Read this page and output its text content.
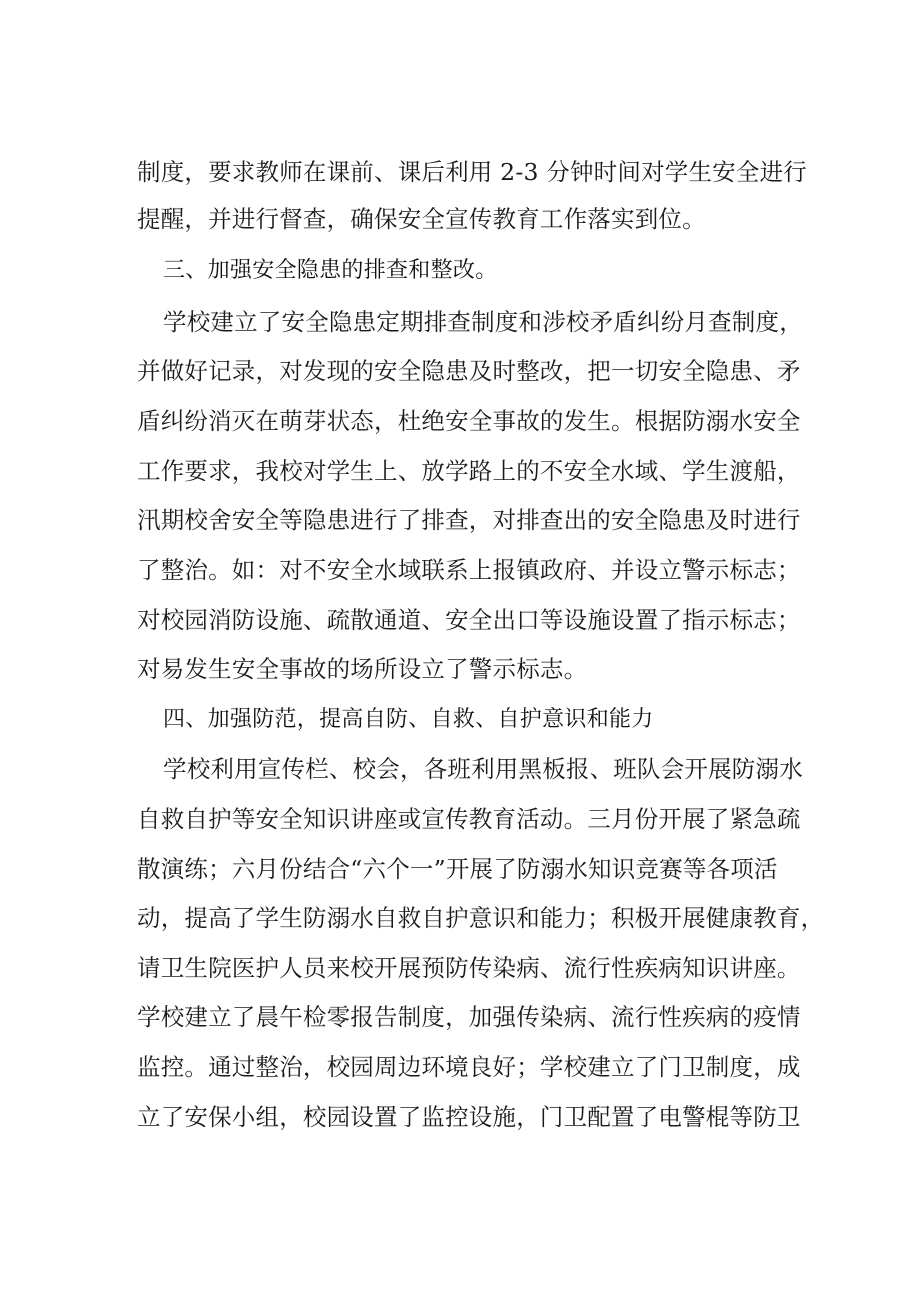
制度，要求教师在课前、课后利用 2-3 分钟时间对学生安全进行
提醒，并进行督查，确保安全宣传教育工作落实到位。
三、加强安全隐患的排查和整改。
学校建立了安全隐患定期排查制度和涉校矛盾纠纷月查制度，
并做好记录，对发现的安全隐患及时整改，把一切安全隐患、矛
盾纠纷消灭在萌芽状态，杜绝安全事故的发生。根据防溺水安全
工作要求，我校对学生上、放学路上的不安全水域、学生渡船，
汛期校舍安全等隐患进行了排查，对排查出的安全隐患及时进行
了整治。如：对不安全水域联系上报镇政府、并设立警示标志；
对校园消防设施、疏散通道、安全出口等设施设置了指示标志；
对易发生安全事故的场所设立了警示标志。
四、加强防范，提高自防、自救、自护意识和能力
学校利用宣传栏、校会，各班利用黑板报、班队会开展防溺水
自救自护等安全知识讲座或宣传教育活动。三月份开展了紧急疏
散演练；六月份结合“六个一”开展了防溺水知识竞赛等各项活
动，提高了学生防溺水自救自护意识和能力；积极开展健康教育，
请卫生院医护人员来校开展预防传染病、流行性疾病知识讲座。
学校建立了晨午检零报告制度，加强传染病、流行性疾病的疫情
监控。通过整治，校园周边环境良好；学校建立了门卫制度，成
立了安保小组，校园设置了监控设施，门卫配置了电警棍等防卫
